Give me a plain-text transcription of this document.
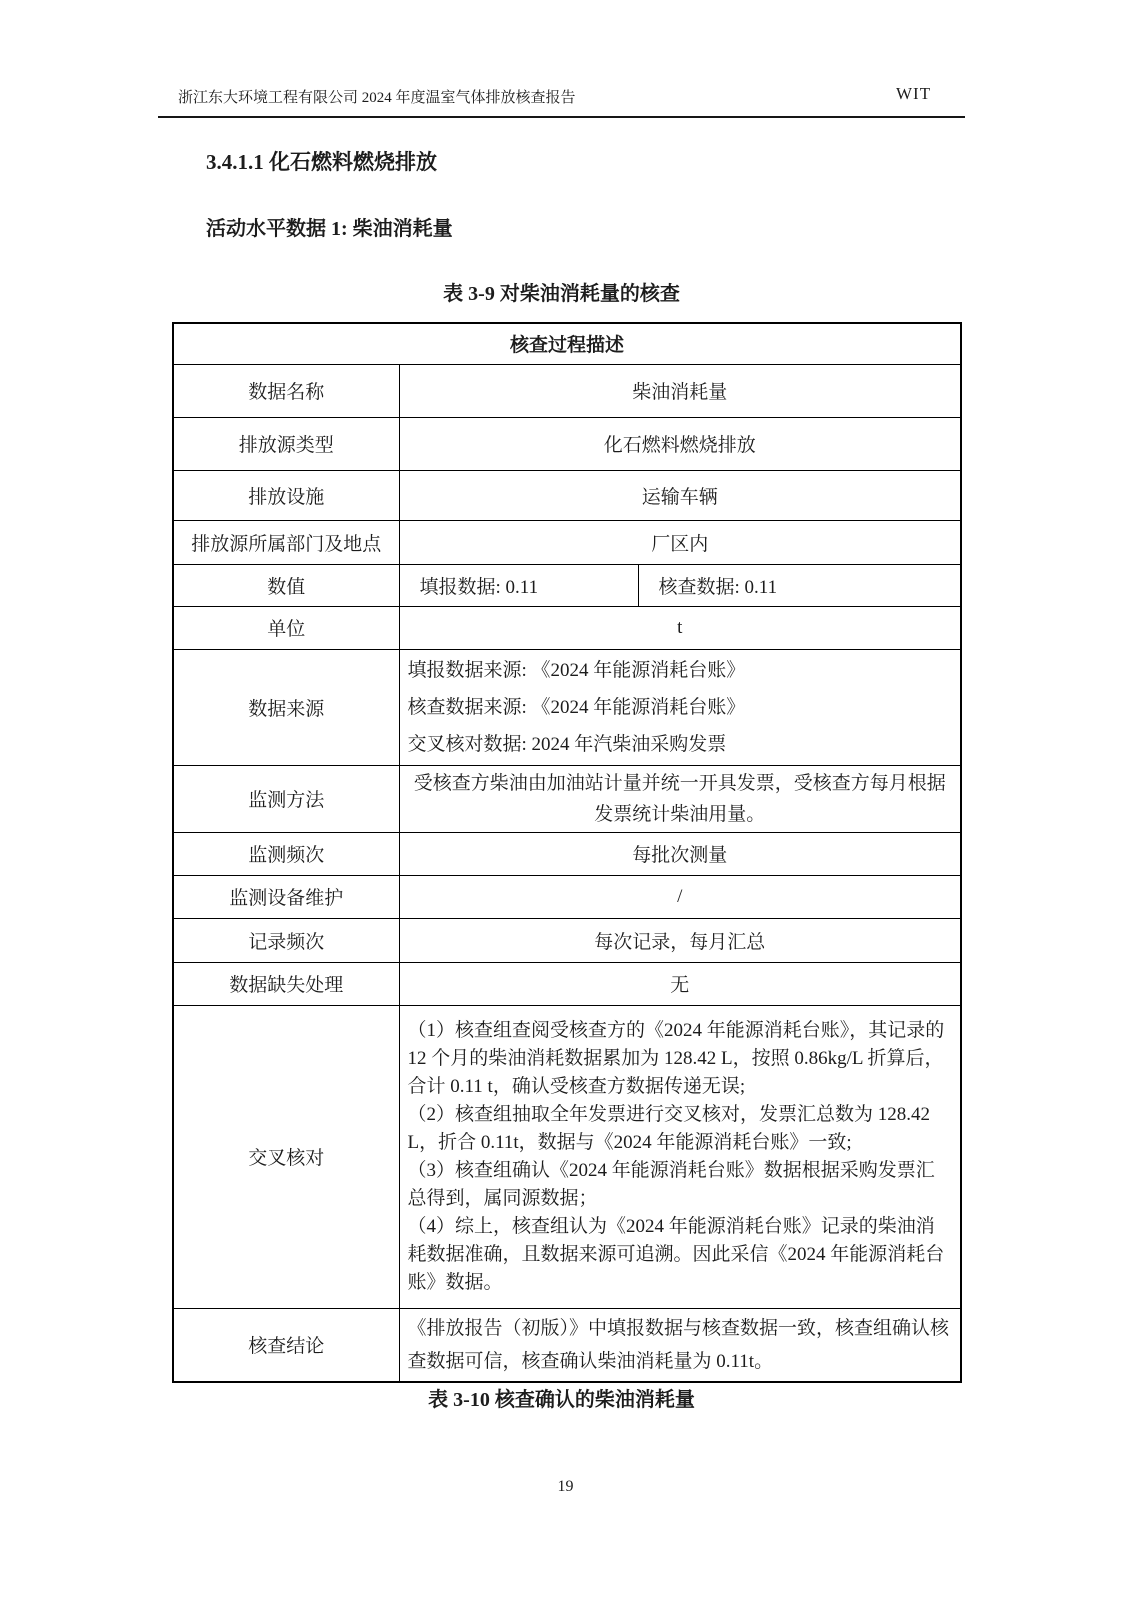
浙江东大环境工程有限公司 2024 年度温室气体排放核查报告	WIT
3.4.1.1 化石燃料燃烧排放
活动水平数据 1: 柴油消耗量
表 3-9 对柴油消耗量的核查
核查过程描述		
数据名称	柴油消耗量	
排放源类型	化石燃料燃烧排放	
排放设施	运输车辆	
排放源所属部门及地点	厂区内	
数值	填报数据: 0.11	核查数据: 0.11
单位	t	
数据来源	填报数据来源: 《2024 年能源消耗台账》
核查数据来源: 《2024 年能源消耗台账》
交叉核对数据: 2024 年汽柴油采购发票	

监测方法	受核查方柴油由加油站计量并统一开具发票，受核查方每月根据发票统计柴油用量。	
监测频次	每批次测量	
监测设备维护	/	
记录频次	每次记录，每月汇总	
数据缺失处理	无	
交叉核对	（1）核查组查阅受核查方的《2024 年能源消耗台账》，其记录的 12 个月的柴油消耗数据累加为 128.42 L，按照 0.86kg/L 折算后，合计 0.11 t，确认受核查方数据传递无误;
（2）核查组抽取全年发票进行交叉核对，发票汇总数为 128.42 L，折合 0.11t，数据与《2024 年能源消耗台账》一致;
（3）核查组确认《2024 年能源消耗台账》数据根据采购发票汇总得到，属同源数据；
（4）综上，核查组认为《2024 年能源消耗台账》记录的柴油消耗数据准确，且数据来源可追溯。因此采信《2024 年能源消耗台账》数据。	

核查结论	《排放报告（初版）》中填报数据与核查数据一致，核查组确认核查数据可信，核查确认柴油消耗量为 0.11t。	
表 3-10 核查确认的柴油消耗量
19
